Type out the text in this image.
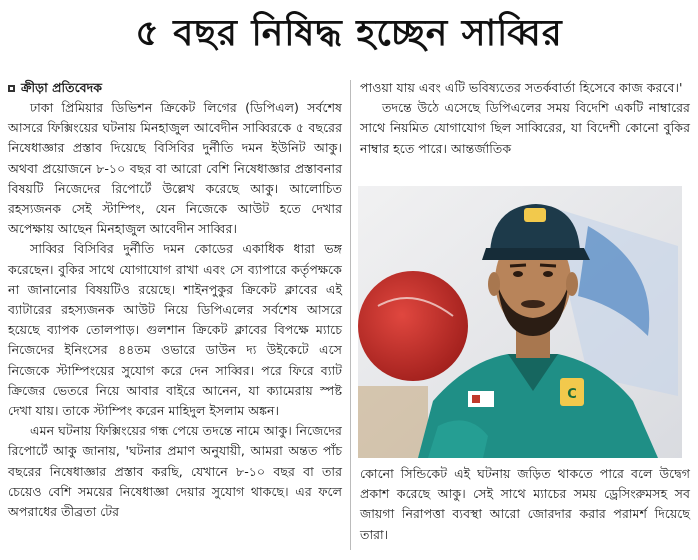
৫ বছর নিষিদ্ধ হচ্ছেন সাব্বির
ক্রীড়া প্রতিবেদক

ঢাকা প্রিমিয়ার ডিভিশন ক্রিকেট লিগের (ডিপিএল) সর্বশেষ আসরে ফিক্সিংয়ের ঘটনায় মিনহাজুল আবেদীন সাব্বিরকে ৫ বছরের নিষেধাজ্ঞার প্রস্তাব দিয়েছে বিসিবির দুর্নীতি দমন ইউনিট আকু। অথবা প্রয়োজনে ৮-১০ বছর বা আরো বেশি নিষেধাজ্ঞার প্রস্তাবনার বিষয়টি নিজেদের রিপোর্টে উল্লেখ করেছে আকু। আলোচিত রহস্যজনক সেই স্টাম্পিং, যেন নিজেকে আউট হতে দেখার অপেক্ষায় আছেন মিনহাজুল আবেদীন সাব্বির।

সাব্বির বিসিবির দুর্নীতি দমন কোডের একাধিক ধারা ভঙ্গ করেছেন। বুকির সাথে যোগাযোগ রাখা এবং সে ব্যাপারে কর্তৃপক্ষকে না জানানোর বিষয়টিও রয়েছে। শাইনপুকুর ক্রিকেট ক্লাবের এই ব্যাটারের রহস্যজনক আউট নিয়ে ডিপিএলের সর্বশেষ আসরে হয়েছে ব্যাপক তোলপাড়। গুলশান ক্রিকেট ক্লাবের বিপক্ষে ম্যাচে নিজেদের ইনিংসের ৪৪তম ওভারে ডাউন দ্য উইকেটে এসে নিজেকে স্টাম্পিংয়ের সুযোগ করে দেন সাব্বির। পরে ফিরে ব্যাট ক্রিজের ভেতরে নিয়ে আবার বাইরে আনেন, যা ক্যামেরায় স্পষ্ট দেখা যায়। তাকে স্টাম্পিং করেন মাহিদুল ইসলাম অঙ্কন।

এমন ঘটনায় ফিক্সিংয়ের গন্ধ পেয়ে তদন্তে নামে আকু। নিজেদের রিপোর্টে আকু জানায়, 'ঘটনার প্রমাণ অনুযায়ী, আমরা অন্তত পাঁচ বছরের নিষেধাজ্ঞার প্রস্তাব করছি, যেখানে ৮-১০ বছর বা তার চেয়েও বেশি সময়ের নিষেধাজ্ঞা দেয়ার সুযোগ থাকছে। এর ফলে অপরাধের তীব্রতা টের

পাওয়া যায় এবং এটি ভবিষ্যতের সতর্কবার্তা হিসেবে কাজ করবে।'

তদন্তে উঠে এসেছে ডিপিএলের সময় বিদেশি একটি নাম্বারের সাথে নিয়মিত যোগাযোগ ছিল সাব্বিরের, যা বিদেশী কোনো বুকির নাম্বার হতে পারে। আন্তর্জাতিক

C

কোনো সিন্ডিকেট এই ঘটনায় জড়িত থাকতে পারে বলে উদ্বেগ প্রকাশ করেছে আকু। সেই সাথে ম্যাচের সময় ড্রেসিংরুমসহ সব জায়গা নিরাপত্তা ব্যবস্থা আরো জোরদার করার পরামর্শ দিয়েছে তারা।
